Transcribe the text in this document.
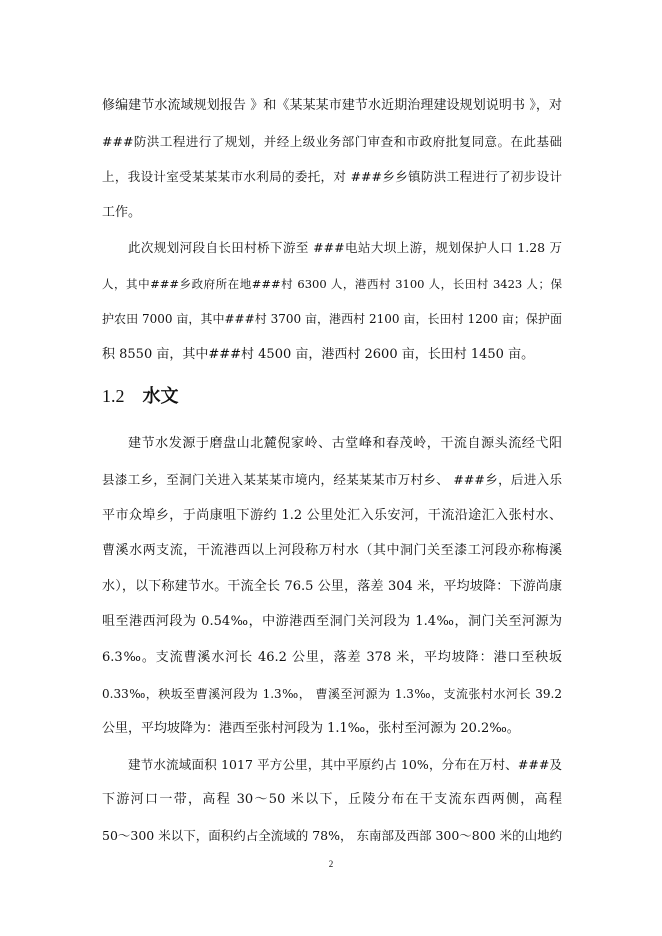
修编建节水流域规划报告 》和《某某某市建节水近期治理建设规划说明书 》，对
###防洪工程进行了规划，并经上级业务部门审查和市政府批复同意。在此基础
上，我设计室受某某某市水利局的委托，对 ###乡乡镇防洪工程进行了初步设计
工作。
此次规划河段自长田村桥下游至 ###电站大坝上游，规划保护人口 1.28 万
人，其中###乡政府所在地###村 6300 人，港西村 3100 人，长田村 3423 人；保
护农田 7000 亩，其中###村 3700 亩，港西村 2100 亩，长田村 1200 亩；保护面
积 8550 亩，其中###村 4500 亩，港西村 2600 亩，长田村 1450 亩。
1.2 水文
建节水发源于磨盘山北麓倪家岭、古堂峰和春茂岭，干流自源头流经弋阳
县漆工乡，至洞门关进入某某某市境内，经某某某市万村乡、 ###乡，后进入乐
平市众埠乡，于尚康咀下游约 1.2 公里处汇入乐安河，干流沿途汇入张村水、
曹溪水两支流，干流港西以上河段称万村水（其中洞门关至漆工河段亦称梅溪
水），以下称建节水。干流全长 76.5 公里，落差 304 米，平均坡降：下游尚康
咀至港西河段为 0.54‰，中游港西至洞门关河段为 1.4‰，洞门关至河源为
6.3‰。支流曹溪水河长 46.2 公里，落差 378 米，平均坡降：港口至秧坂
0.33‰，秧坂至曹溪河段为 1.3‰， 曹溪至河源为 1.3‰，支流张村水河长 39.2
公里，平均坡降为：港西至张村河段为 1.1‰，张村至河源为 20.2‰。
建节水流域面积 1017 平方公里，其中平原约占 10%，分布在万村、###及
下游河口一带，高程 30～50 米以下，丘陵分布在干支流东西两侧，高程
50～300 米以下，面积约占全流域的 78%， 东南部及西部 300～800 米的山地约
2
